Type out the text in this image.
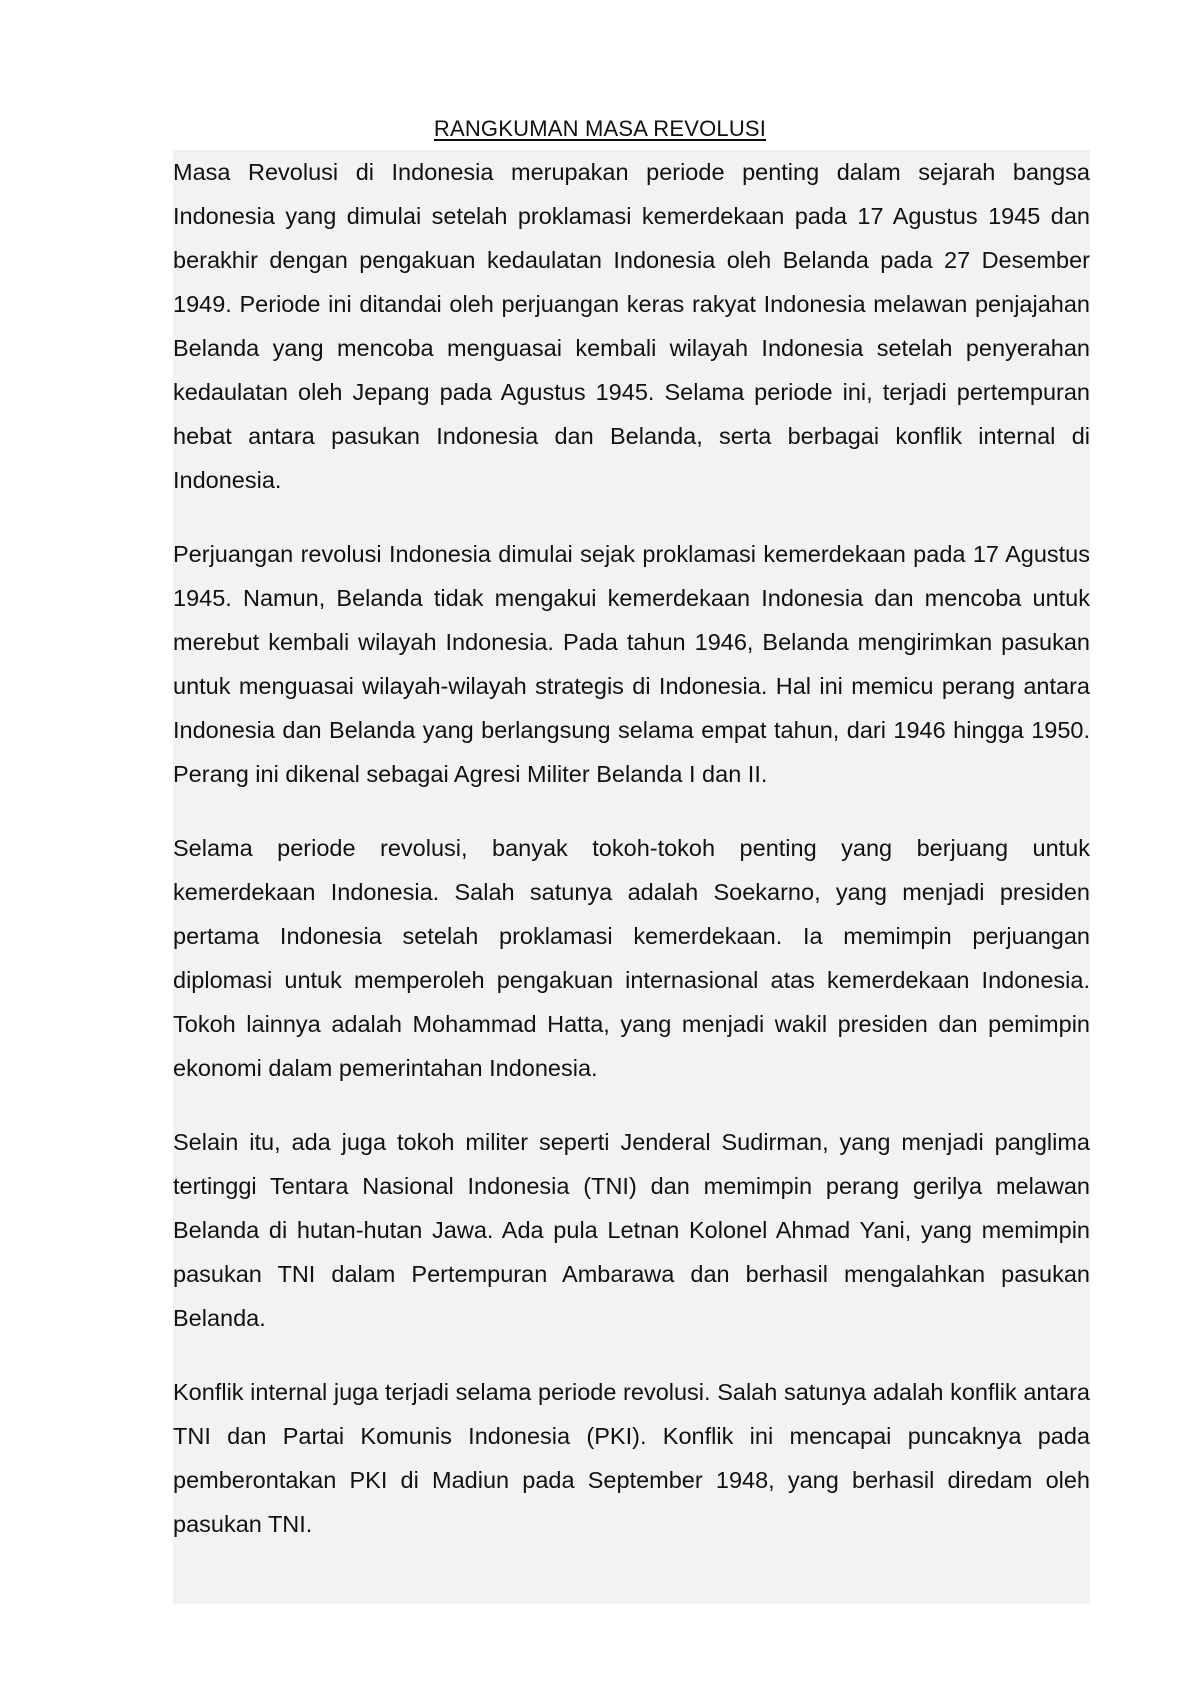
RANGKUMAN MASA REVOLUSI

Masa Revolusi di Indonesia merupakan periode penting dalam sejarah bangsa Indonesia yang dimulai setelah proklamasi kemerdekaan pada 17 Agustus 1945 dan berakhir dengan pengakuan kedaulatan Indonesia oleh Belanda pada 27 Desember 1949. Periode ini ditandai oleh perjuangan keras rakyat Indonesia melawan penjajahan Belanda yang mencoba menguasai kembali wilayah Indonesia setelah penyerahan kedaulatan oleh Jepang pada Agustus 1945. Selama periode ini, terjadi pertempuran hebat antara pasukan Indonesia dan Belanda, serta berbagai konflik internal di Indonesia.

Perjuangan revolusi Indonesia dimulai sejak proklamasi kemerdekaan pada 17 Agustus 1945. Namun, Belanda tidak mengakui kemerdekaan Indonesia dan mencoba untuk merebut kembali wilayah Indonesia. Pada tahun 1946, Belanda mengirimkan pasukan untuk menguasai wilayah-wilayah strategis di Indonesia. Hal ini memicu perang antara Indonesia dan Belanda yang berlangsung selama empat tahun, dari 1946 hingga 1950. Perang ini dikenal sebagai Agresi Militer Belanda I dan II.

Selama periode revolusi, banyak tokoh-tokoh penting yang berjuang untuk kemerdekaan Indonesia. Salah satunya adalah Soekarno, yang menjadi presiden pertama Indonesia setelah proklamasi kemerdekaan. Ia memimpin perjuangan diplomasi untuk memperoleh pengakuan internasional atas kemerdekaan Indonesia. Tokoh lainnya adalah Mohammad Hatta, yang menjadi wakil presiden dan pemimpin ekonomi dalam pemerintahan Indonesia.

Selain itu, ada juga tokoh militer seperti Jenderal Sudirman, yang menjadi panglima tertinggi Tentara Nasional Indonesia (TNI) dan memimpin perang gerilya melawan Belanda di hutan-hutan Jawa. Ada pula Letnan Kolonel Ahmad Yani, yang memimpin pasukan TNI dalam Pertempuran Ambarawa dan berhasil mengalahkan pasukan Belanda.

Konflik internal juga terjadi selama periode revolusi. Salah satunya adalah konflik antara TNI dan Partai Komunis Indonesia (PKI). Konflik ini mencapai puncaknya pada pemberontakan PKI di Madiun pada September 1948, yang berhasil diredam oleh pasukan TNI.
